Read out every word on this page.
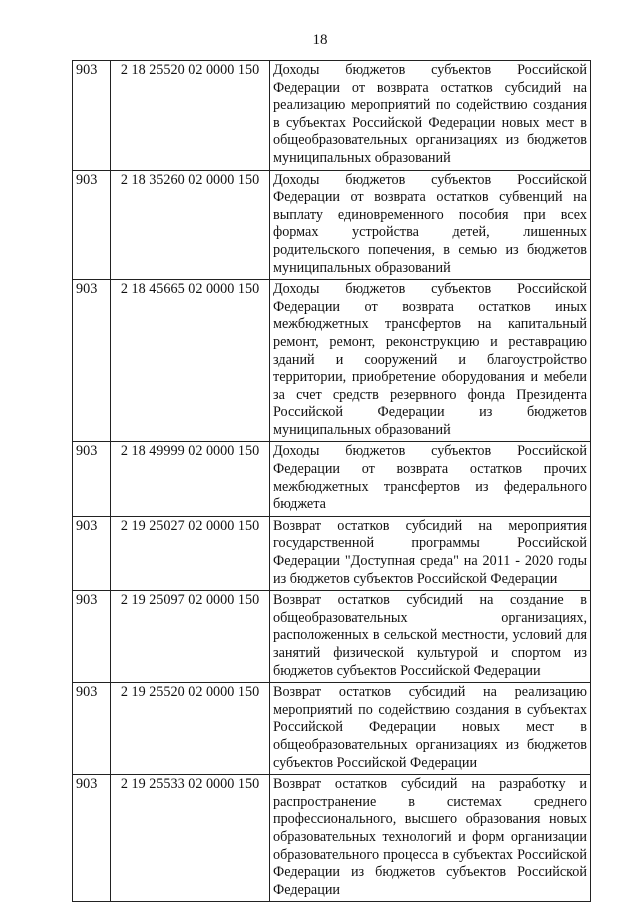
18
903	2 18 25520 02 0000 150	Доходы бюджетов субъектов Российской Федерации от возврата остатков субсидий на реализацию мероприятий по содействию создания в субъектах Российской Федерации новых мест в общеобразовательных организациях из бюджетов муниципальных образований
903	2 18 35260 02 0000 150	Доходы бюджетов субъектов Российской Федерации от возврата остатков субвенций на выплату единовременного пособия при всех формах устройства детей, лишенных родительского попечения, в семью из бюджетов муниципальных образований
903	2 18 45665 02 0000 150	Доходы бюджетов субъектов Российской Федерации от возврата остатков иных межбюджетных трансфертов на капитальный ремонт, ремонт, реконструкцию и реставрацию зданий и сооружений и благоустройство территории, приобретение оборудования и мебели за счет средств резервного фонда Президента Российской Федерации из бюджетов муниципальных образований
903	2 18 49999 02 0000 150	Доходы бюджетов субъектов Российской Федерации от возврата остатков прочих межбюджетных трансфертов из федерального бюджета
903	2 19 25027 02 0000 150	Возврат остатков субсидий на мероприятия государственной программы Российской Федерации "Доступная среда" на 2011 - 2020 годы из бюджетов субъектов Российской Федерации
903	2 19 25097 02 0000 150	Возврат остатков субсидий на создание в общеобразовательных организациях, расположенных в сельской местности, условий для занятий физической культурой и спортом из бюджетов субъектов Российской Федерации
903	2 19 25520 02 0000 150	Возврат остатков субсидий на реализацию мероприятий по содействию создания в субъектах Российской Федерации новых мест в общеобразовательных организациях из бюджетов субъектов Российской Федерации
903	2 19 25533 02 0000 150	Возврат остатков субсидий на разработку и распространение в системах среднего профессионального, высшего образования новых образовательных технологий и форм организации образовательного процесса в субъектах Российской Федерации из бюджетов субъектов Российской Федерации
